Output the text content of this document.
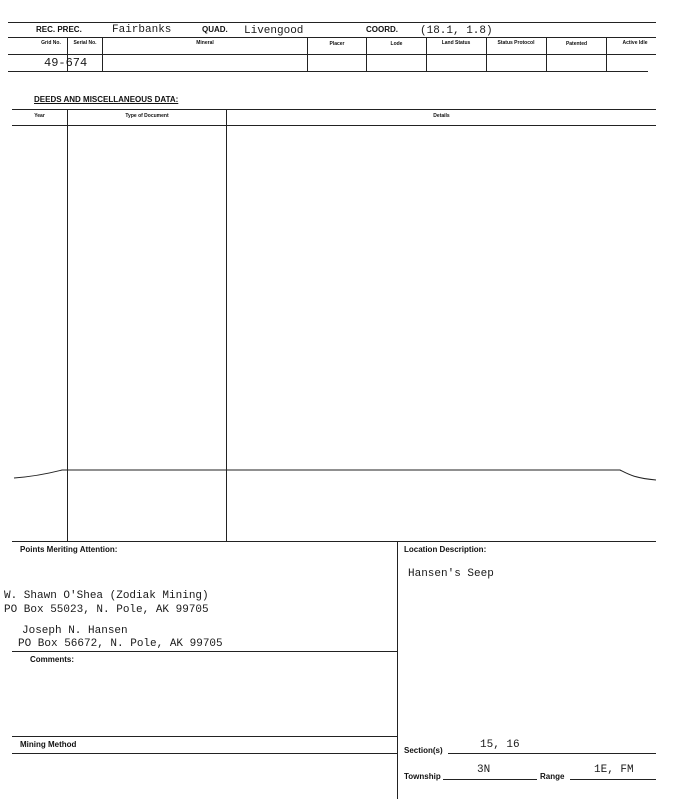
REC. PREC.	Fairbanks	QUAD. Livengood	COORD. (18.1, 1.8)
Grid No.	Serial No.	Mineral	Placer	Lode	Land Status	Status Protocol	Patented	Active Idle
49-674
DEEDS AND MISCELLANEOUS DATA:
Year	Type of Document	Details
Points Meriting Attention:
W. Shawn O'Shea (Zodiak Mining)
PO Box 55023, N. Pole, AK 99705
Joseph N. Hansen
PO Box 56672, N. Pole, AK 99705
Location Description:
Hansen's Seep
Comments:
Mining Method
Section(s)	15, 16
Township
3N
Range
1E, FM
